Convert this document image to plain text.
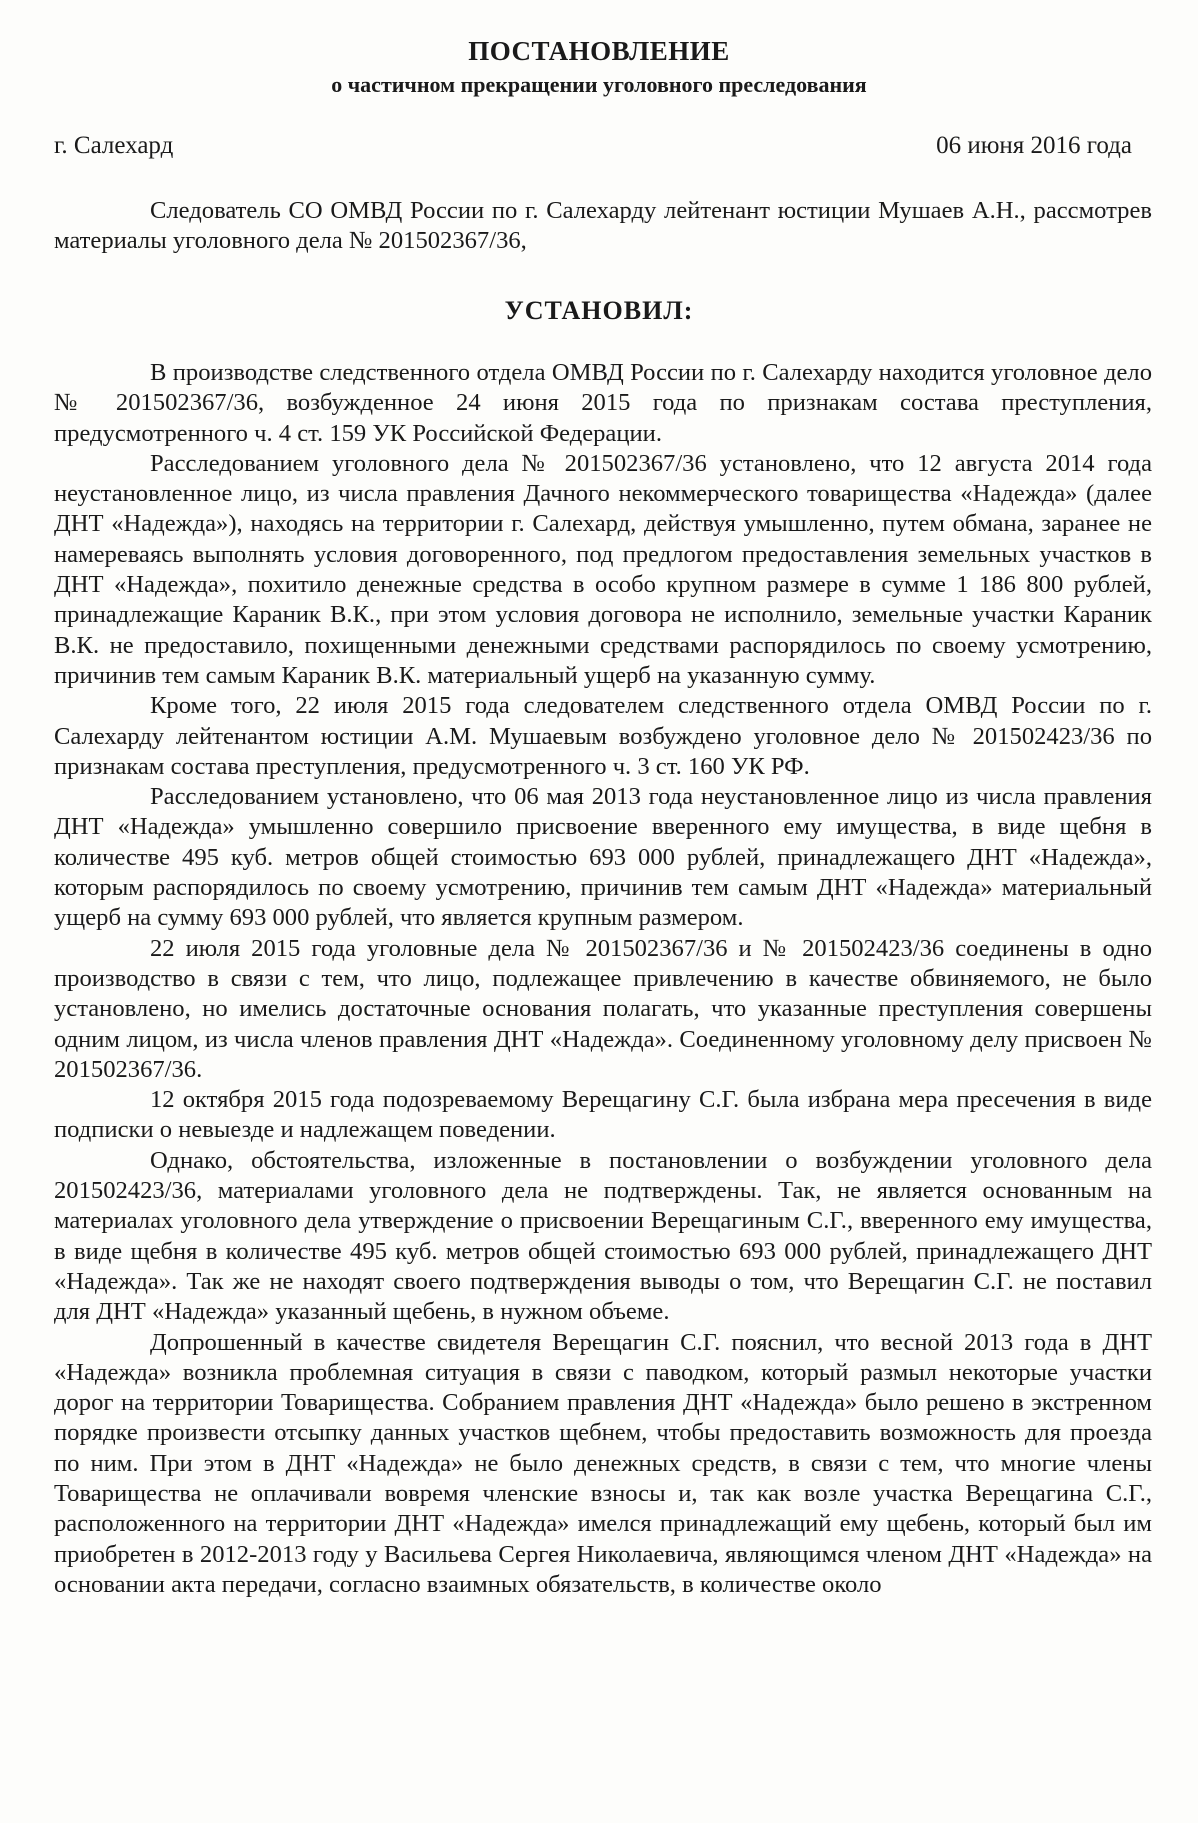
ПОСТАНОВЛЕНИЕ
о частичном прекращении уголовного преследования
г. Салехард	06 июня 2016 года

Следователь СО ОМВД России по г. Салехарду лейтенант юстиции Мушаев А.Н., рассмотрев материалы уголовного дела № 201502367/36,

УСТАНОВИЛ:

В производстве следственного отдела ОМВД России по г. Салехарду находится уголовное дело № 201502367/36, возбужденное 24 июня 2015 года по признакам состава преступления, предусмотренного ч. 4 ст. 159 УК Российской Федерации.

Расследованием уголовного дела № 201502367/36 установлено, что 12 августа 2014 года неустановленное лицо, из числа правления Дачного некоммерческого товарищества «Надежда» (далее ДНТ «Надежда»), находясь на территории г. Салехард, действуя умышленно, путем обмана, заранее не намереваясь выполнять условия договоренного, под предлогом предоставления земельных участков в ДНТ «Надежда», похитило денежные средства в особо крупном размере в сумме 1 186 800 рублей, принадлежащие Караник В.К., при этом условия договора не исполнило, земельные участки Караник В.К. не предоставило, похищенными денежными средствами распорядилось по своему усмотрению, причинив тем самым Караник В.К. материальный ущерб на указанную сумму.

Кроме того, 22 июля 2015 года следователем следственного отдела ОМВД России по г. Салехарду лейтенантом юстиции А.М. Мушаевым возбуждено уголовное дело № 201502423/36 по признакам состава преступления, предусмотренного ч. 3 ст. 160 УК РФ.

Расследованием установлено, что 06 мая 2013 года неустановленное лицо из числа правления ДНТ «Надежда» умышленно совершило присвоение вверенного ему имущества, в виде щебня в количестве 495 куб. метров общей стоимостью 693 000 рублей, принадлежащего ДНТ «Надежда», которым распорядилось по своему усмотрению, причинив тем самым ДНТ «Надежда» материальный ущерб на сумму 693 000 рублей, что является крупным размером.

22 июля 2015 года уголовные дела № 201502367/36 и № 201502423/36 соединены в одно производство в связи с тем, что лицо, подлежащее привлечению в качестве обвиняемого, не было установлено, но имелись достаточные основания полагать, что указанные преступления совершены одним лицом, из числа членов правления ДНТ «Надежда». Соединенному уголовному делу присвоен № 201502367/36.

12 октября 2015 года подозреваемому Верещагину С.Г. была избрана мера пресечения в виде подписки о невыезде и надлежащем поведении.

Однако, обстоятельства, изложенные в постановлении о возбуждении уголовного дела 201502423/36, материалами уголовного дела не подтверждены. Так, не является основанным на материалах уголовного дела утверждение о присвоении Верещагиным С.Г., вверенного ему имущества, в виде щебня в количестве 495 куб. метров общей стоимостью 693 000 рублей, принадлежащего ДНТ «Надежда». Так же не находят своего подтверждения выводы о том, что Верещагин С.Г. не поставил для ДНТ «Надежда» указанный щебень, в нужном объеме.

Допрошенный в качестве свидетеля Верещагин С.Г. пояснил, что весной 2013 года в ДНТ «Надежда» возникла проблемная ситуация в связи с паводком, который размыл некоторые участки дорог на территории Товарищества. Собранием правления ДНТ «Надежда» было решено в экстренном порядке произвести отсыпку данных участков щебнем, чтобы предоставить возможность для проезда по ним. При этом в ДНТ «Надежда» не было денежных средств, в связи с тем, что многие члены Товарищества не оплачивали вовремя членские взносы и, так как возле участка Верещагина С.Г., расположенного на территории ДНТ «Надежда» имелся принадлежащий ему щебень, который был им приобретен в 2012-2013 году у Васильева Сергея Николаевича, являющимся членом ДНТ «Надежда» на основании акта передачи, согласно взаимных обязательств, в количестве около
